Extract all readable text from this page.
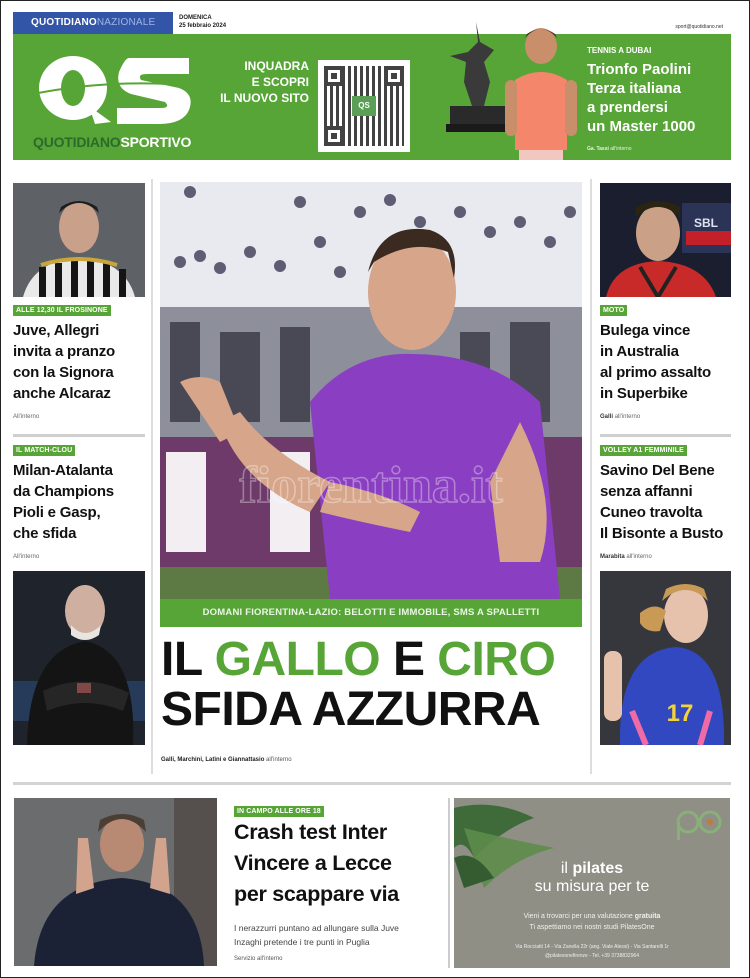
QUOTIDIANONAZIONALE	DOMENICA
25 febbraio 2024	sport@quotidiano.net
QUOTIDIANOSPORTIVO
INQUADRA
E SCOPRI
IL NUOVO SITO
QS
TENNIS A DUBAI
Trionfo Paolini
Terza italiana
a prendersi
un Master 1000
Ga. Tassi all'interno
ALLE 12,30 IL FROSINONE
Juve, Allegri
invita a pranzo
con la Signora
anche Alcaraz
All'interno
IL MATCH-CLOU
Milan-Atalanta
da Champions
Pioli e Gasp,
che sfida
All'interno
fiorentina.it
DOMANI FIORENTINA-LAZIO: BELOTTI E IMMOBILE, SMS A SPALLETTI
IL GALLO E CIRO
SFIDA AZZURRA
Galli, Marchini, Latini e Giannattasio all'interno
SBL
MOTO
Bulega vince
in Australia
al primo assalto
in Superbike
Galli all'interno
VOLLEY A1 FEMMINILE
Savino Del Bene
senza affanni
Cuneo travolta
Il Bisonte a Busto
Marabita all'interno
17
IN CAMPO ALLE ORE 18
Crash test Inter
Vincere a Lecce
per scappare via
I nerazzurri puntano ad allungare sulla Juve
Inzaghi pretende i tre punti in Puglia
Servizio all'interno
il pilates
su misura per te
Vieni a trovarci per una valutazione gratuita
Ti aspettiamo nei nostri studi PilatesOne
Via Rocciatti 14 - Via Zanella 22r (ang. Viale Alessi) - Via Santarelli 1r
@pilatesonefirenze - Tel. +39 3738832964
